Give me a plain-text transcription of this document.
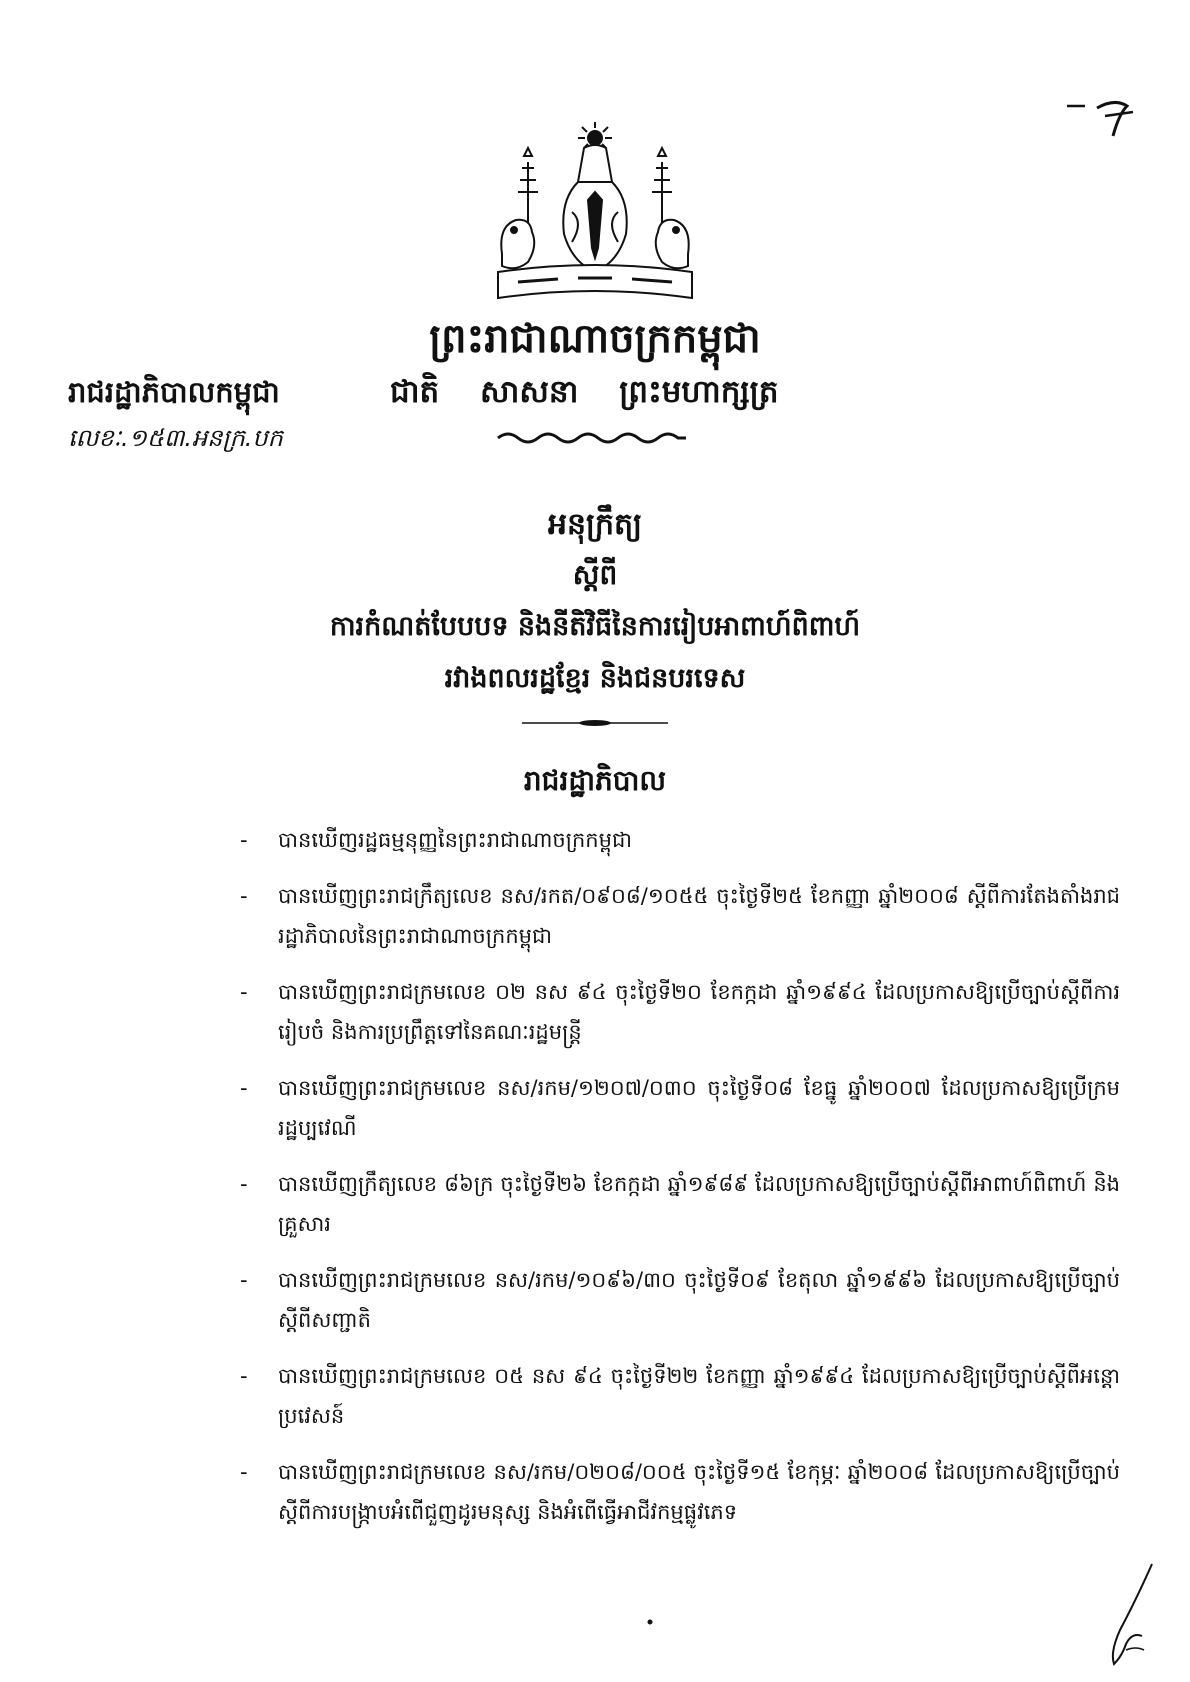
ព្រះរាជាណាចក្រកម្ពុជា
រាជរដ្ឋាភិបាលកម្ពុជា
លេខៈ.១៥៣.អនក្រ.បក
ជាតិ សាសនា ព្រះមហាក្សត្រ
អនុក្រឹត្យ
ស្តីពី
ការកំណត់បែបបទ និងនីតិវិធីនៃការរៀបអាពាហ៍ពិពាហ៍
រវាងពលរដ្ឋខ្មែរ និងជនបរទេស
រាជរដ្ឋាភិបាល
- បានឃើញរដ្ឋធម្មនុញ្ញនៃព្រះរាជាណាចក្រកម្ពុជា
- បានឃើញព្រះរាជក្រឹត្យលេខ នស/រកត/០៩០៨/១០៥៥ ចុះថ្ងៃទី២៥ ខែកញ្ញា ឆ្នាំ២០០៨ ស្តីពីការតែងតាំងរាជរដ្ឋាភិបាលនៃព្រះរាជាណាចក្រកម្ពុជា
- បានឃើញព្រះរាជក្រមលេខ ០២ នស ៩៤ ចុះថ្ងៃទី២០ ខែកក្កដា ឆ្នាំ១៩៩៤ ដែលប្រកាសឱ្យប្រើច្បាប់ស្តីពីការរៀបចំ និងការប្រព្រឹត្តទៅនៃគណៈរដ្ឋមន្ត្រី
- បានឃើញព្រះរាជក្រមលេខ នស/រកម/១២០៧/០៣០ ចុះថ្ងៃទី០៨ ខែធ្នូ ឆ្នាំ២០០៧ ដែលប្រកាសឱ្យប្រើក្រមរដ្ឋប្បវេណី
- បានឃើញក្រឹត្យលេខ ៨៦ក្រ ចុះថ្ងៃទី២៦ ខែកក្កដា ឆ្នាំ១៩៨៩ ដែលប្រកាសឱ្យប្រើច្បាប់ស្តីពីអាពាហ៍ពិពាហ៍ និងគ្រួសារ
- បានឃើញព្រះរាជក្រមលេខ នស/រកម/១០៩៦/៣០ ចុះថ្ងៃទី០៩ ខែតុលា ឆ្នាំ១៩៩៦ ដែលប្រកាសឱ្យប្រើច្បាប់ស្តីពីសញ្ជាតិ
- បានឃើញព្រះរាជក្រមលេខ ០៥ នស ៩៤ ចុះថ្ងៃទី២២ ខែកញ្ញា ឆ្នាំ១៩៩៤ ដែលប្រកាសឱ្យប្រើច្បាប់ស្តីពីអន្តោប្រវេសន៍
- បានឃើញព្រះរាជក្រមលេខ នស/រកម/០២០៨/០០៥ ចុះថ្ងៃទី១៥ ខែកុម្ភៈ ឆ្នាំ២០០៨ ដែលប្រកាសឱ្យប្រើច្បាប់ស្តីពីការបង្ក្រាបអំពើជួញដូរមនុស្ស និងអំពើធ្វើអាជីវកម្មផ្លូវភេទ
